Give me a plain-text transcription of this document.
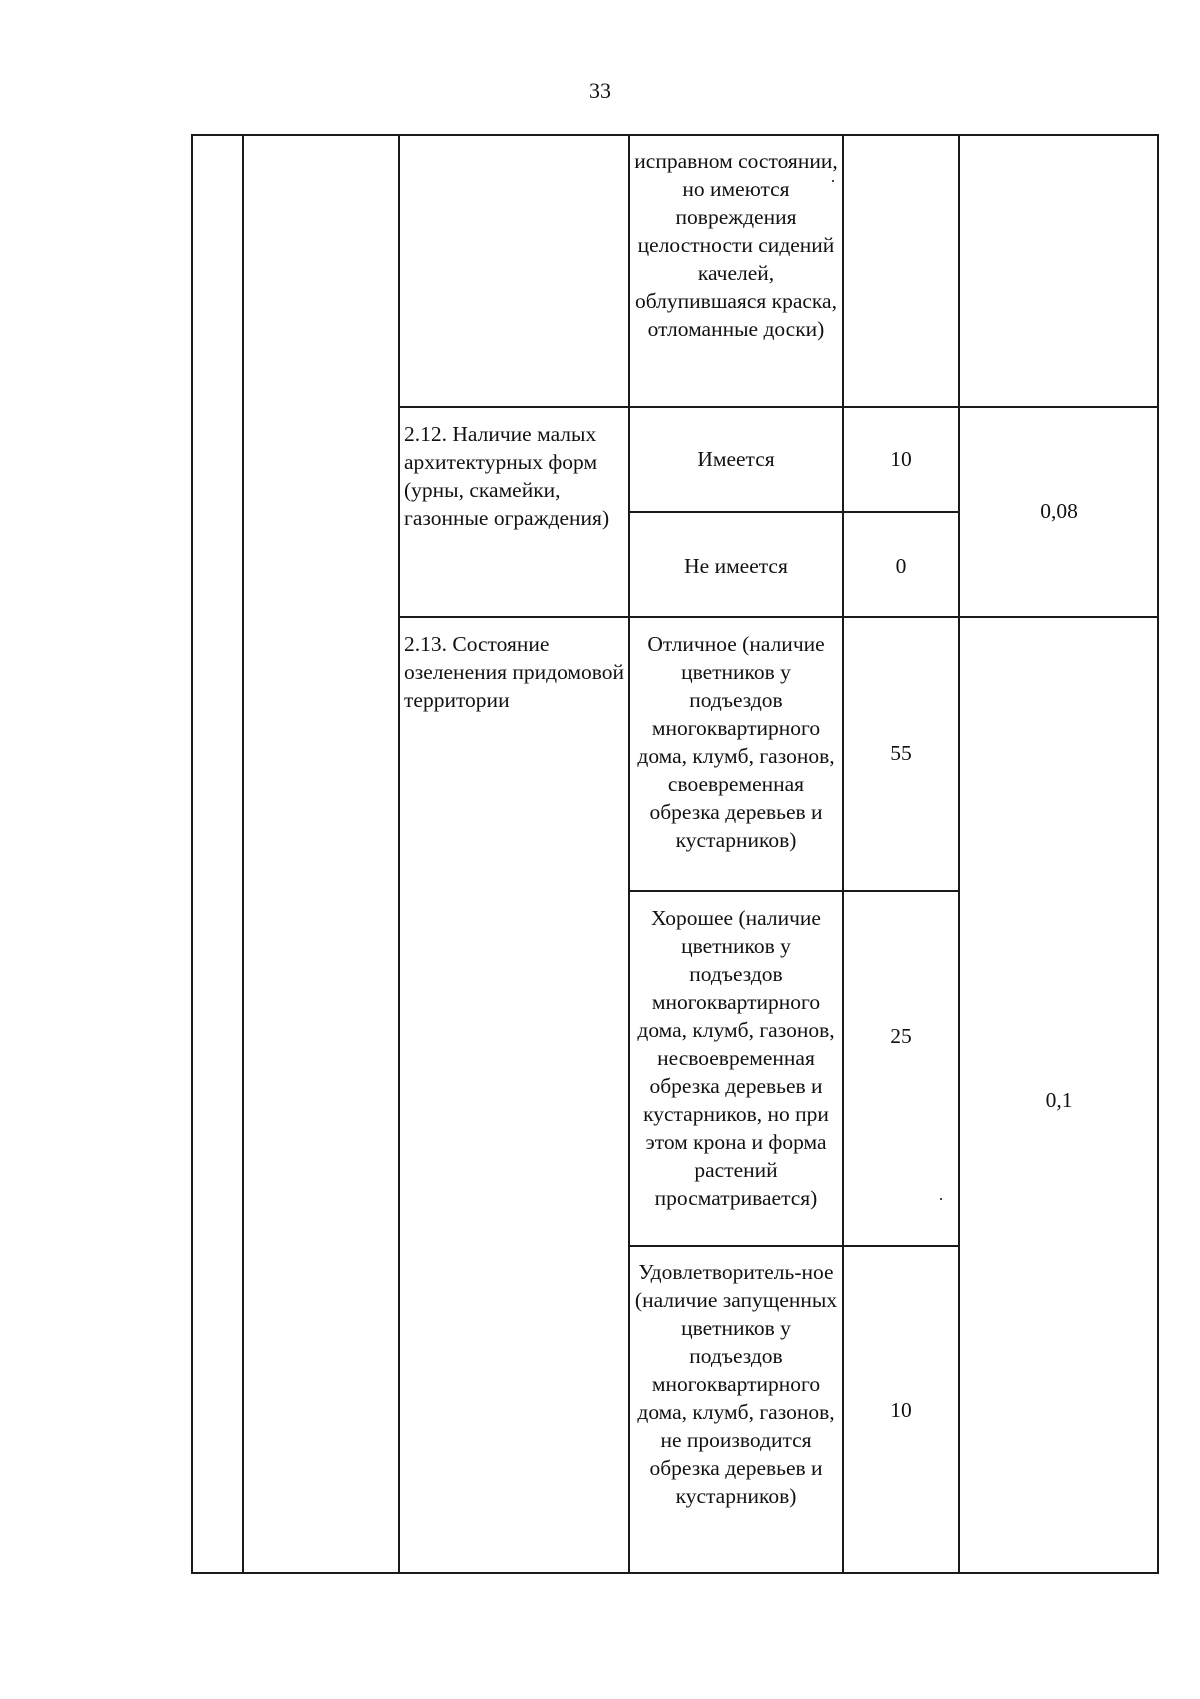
33
исправном состоянии, но имеются повреждения целостности сидений качелей, облупившаяся краска, отломанные доски)
2.12. Наличие малых архитектурных форм (урны, скамейки, газонные ограждения)
Имеется	10
Не имеется	0
0,08
2.13. Состояние озеленения придомовой территории
Отличное (наличие цветников у подъездов многоквартирного дома, клумб, газонов, своевременная обрезка деревьев и кустарников)
55
Хорошее (наличие цветников у подъездов многоквартирного дома, клумб, газонов, несвоевременная обрезка деревьев и кустарников, но при этом крона и форма растений просматривается)
25
Удовлетворитель-ное (наличие запущенных цветников у подъездов многоквартирного дома, клумб, газонов, не производится обрезка деревьев и кустарников)
10
0,1
